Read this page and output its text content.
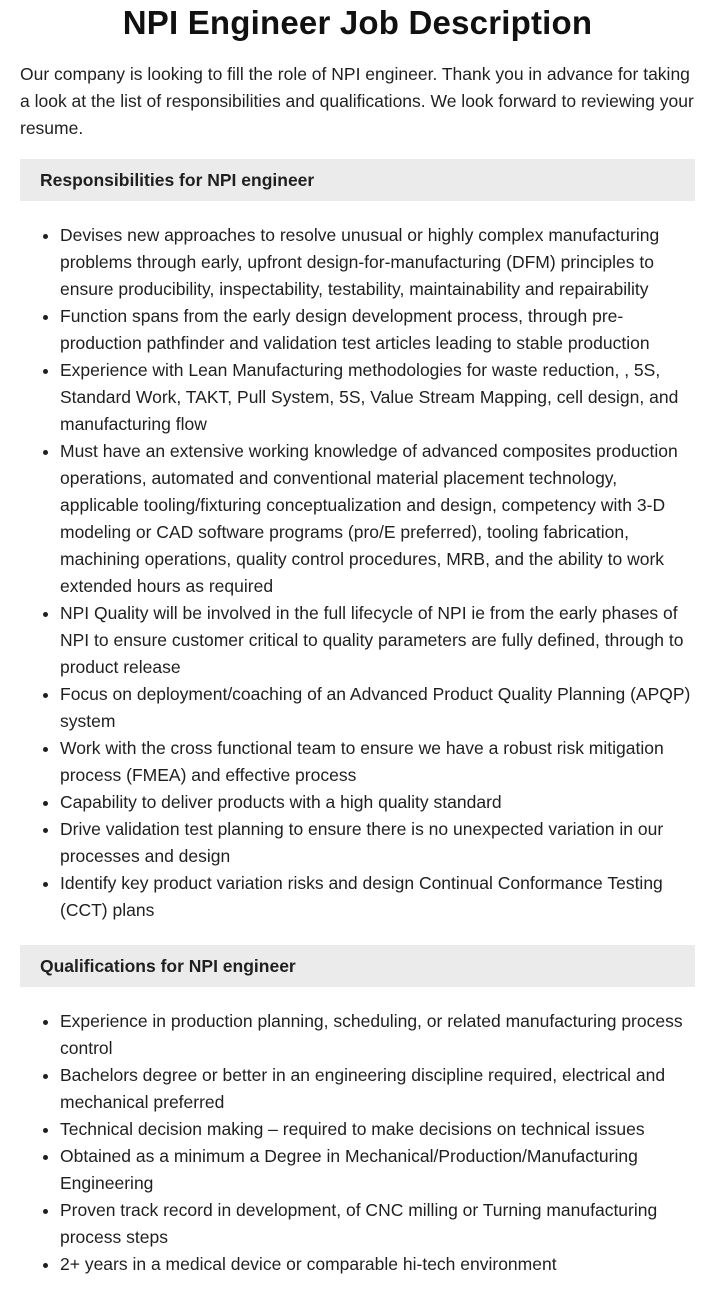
NPI Engineer Job Description

Our company is looking to fill the role of NPI engineer. Thank you in advance for taking a look at the list of responsibilities and qualifications. We look forward to reviewing your resume.

Responsibilities for NPI engineer
• Devises new approaches to resolve unusual or highly complex manufacturing problems through early, upfront design-for-manufacturing (DFM) principles to ensure producibility, inspectability, testability, maintainability and repairability
• Function spans from the early design development process, through pre-production pathfinder and validation test articles leading to stable production
• Experience with Lean Manufacturing methodologies for waste reduction, , 5S, Standard Work, TAKT, Pull System, 5S, Value Stream Mapping, cell design, and manufacturing flow
• Must have an extensive working knowledge of advanced composites production operations, automated and conventional material placement technology, applicable tooling/fixturing conceptualization and design, competency with 3-D modeling or CAD software programs (pro/E preferred), tooling fabrication, machining operations, quality control procedures, MRB, and the ability to work extended hours as required
• NPI Quality will be involved in the full lifecycle of NPI ie from the early phases of NPI to ensure customer critical to quality parameters are fully defined, through to product release
• Focus on deployment/coaching of an Advanced Product Quality Planning (APQP) system
• Work with the cross functional team to ensure we have a robust risk mitigation process (FMEA) and effective process
• Capability to deliver products with a high quality standard
• Drive validation test planning to ensure there is no unexpected variation in our processes and design
• Identify key product variation risks and design Continual Conformance Testing (CCT) plans
Qualifications for NPI engineer
• Experience in production planning, scheduling, or related manufacturing process control
• Bachelors degree or better in an engineering discipline required, electrical and mechanical preferred
• Technical decision making – required to make decisions on technical issues
• Obtained as a minimum a Degree in Mechanical/Production/Manufacturing Engineering
• Proven track record in development, of CNC milling or Turning manufacturing process steps
• 2+ years in a medical device or comparable hi-tech environment
